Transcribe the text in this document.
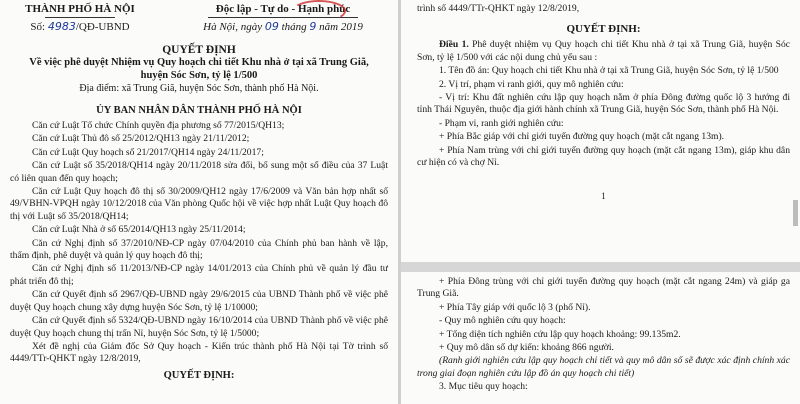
THÀNH PHỐ HÀ NỘI
Số: 4983/QĐ-UBND
Độc lập - Tự do - Hạnh phúc
Hà Nội, ngày 09 tháng 9 năm 2019
QUYẾT ĐỊNH
Về việc phê duyệt Nhiệm vụ Quy hoạch chi tiết Khu nhà ở tại xã Trung Giã,
huyện Sóc Sơn, tỷ lệ 1/500
Địa điểm: xã Trung Giã, huyện Sóc Sơn, thành phố Hà Nội.
ỦY BAN NHÂN DÂN THÀNH PHỐ HÀ NỘI

Căn cứ Luật Tổ chức Chính quyền địa phương số 77/2015/QH13;

Căn cứ Luật Thủ đô số 25/2012/QH13 ngày 21/11/2012;

Căn cứ Luật Quy hoạch số 21/2017/QH14 ngày 24/11/2017;

Căn cứ Luật số 35/2018/QH14 ngày 20/11/2018 sửa đổi, bổ sung một số điều của 37 Luật có liên quan đến quy hoạch;

Căn cứ Luật Quy hoạch đô thị số 30/2009/QH12 ngày 17/6/2009 và Văn bản hợp nhất số 49/VBHN-VPQH ngày 10/12/2018 của Văn phòng Quốc hội về việc hợp nhất Luật Quy hoạch đô thị với Luật số 35/2018/QH14;

Căn cứ Luật Nhà ở số 65/2014/QH13 ngày 25/11/2014;

Căn cứ Nghị định số 37/2010/NĐ-CP ngày 07/04/2010 của Chính phủ ban hành về lập, thẩm định, phê duyệt và quản lý quy hoạch đô thị;

Căn cứ Nghị định số 11/2013/NĐ-CP ngày 14/01/2013 của Chính phủ về quản lý đầu tư phát triển đô thị;

Căn cứ Quyết định số 2967/QĐ-UBND ngày 29/6/2015 của UBND Thành phố về việc phê duyệt Quy hoạch chung xây dựng huyện Sóc Sơn, tỷ lệ 1/10000;

Căn cứ Quyết định số 5324/QĐ-UBND ngày 16/10/2014 của UBND Thành phố về việc phê duyệt Quy hoạch chung thị trấn Nỉ, huyện Sóc Sơn, tỷ lệ 1/5000;

Xét đề nghị của Giám đốc Sở Quy hoạch - Kiến trúc thành phố Hà Nội tại Tờ trình số 4449/TTr-QHKT ngày 12/8/2019,

QUYẾT ĐỊNH:
trình số 4449/TTr-QHKT ngày 12/8/2019,
QUYẾT ĐỊNH:

Điều 1. Phê duyệt nhiệm vụ Quy hoạch chi tiết Khu nhà ở tại xã Trung Giã, huyện Sóc Sơn, tỷ lệ 1/500 với các nội dung chủ yếu sau :

1. Tên đồ án: Quy hoạch chi tiết Khu nhà ở tại xã Trung Giã, huyện Sóc Sơn, tỷ lệ 1/500

2. Vị trí, phạm vi ranh giới, quy mô nghiên cứu:

- Vị trí: Khu đất nghiên cứu lập quy hoạch nằm ở phía Đông đường quốc lộ 3 hướng đi tỉnh Thái Nguyên, thuộc địa giới hành chính xã Trung Giã, huyện Sóc Sơn, thành phố Hà Nội.

- Phạm vi, ranh giới nghiên cứu:

+ Phía Bắc giáp với chỉ giới tuyến đường quy hoạch (mặt cắt ngang 13m).

+ Phía Nam trùng với chỉ giới tuyến đường quy hoạch (mặt cắt ngang 13m), giáp khu dân cư hiện có và chợ Nỉ.

1

+ Phía Đông trùng với chỉ giới tuyến đường quy hoạch (mặt cắt ngang 24m) và giáp ga Trung Giã.

+ Phía Tây giáp với quốc lộ 3 (phố Nỉ).

- Quy mô nghiên cứu quy hoạch:

+ Tổng diện tích nghiên cứu lập quy hoạch khoảng: 99.135m2.

+ Quy mô dân số dự kiến: khoảng 866 người.

(Ranh giới nghiên cứu lập quy hoạch chi tiết và quy mô dân số sẽ được xác định chính xác trong giai đoạn nghiên cứu lập đồ án quy hoạch chi tiết)

3. Mục tiêu quy hoạch:
